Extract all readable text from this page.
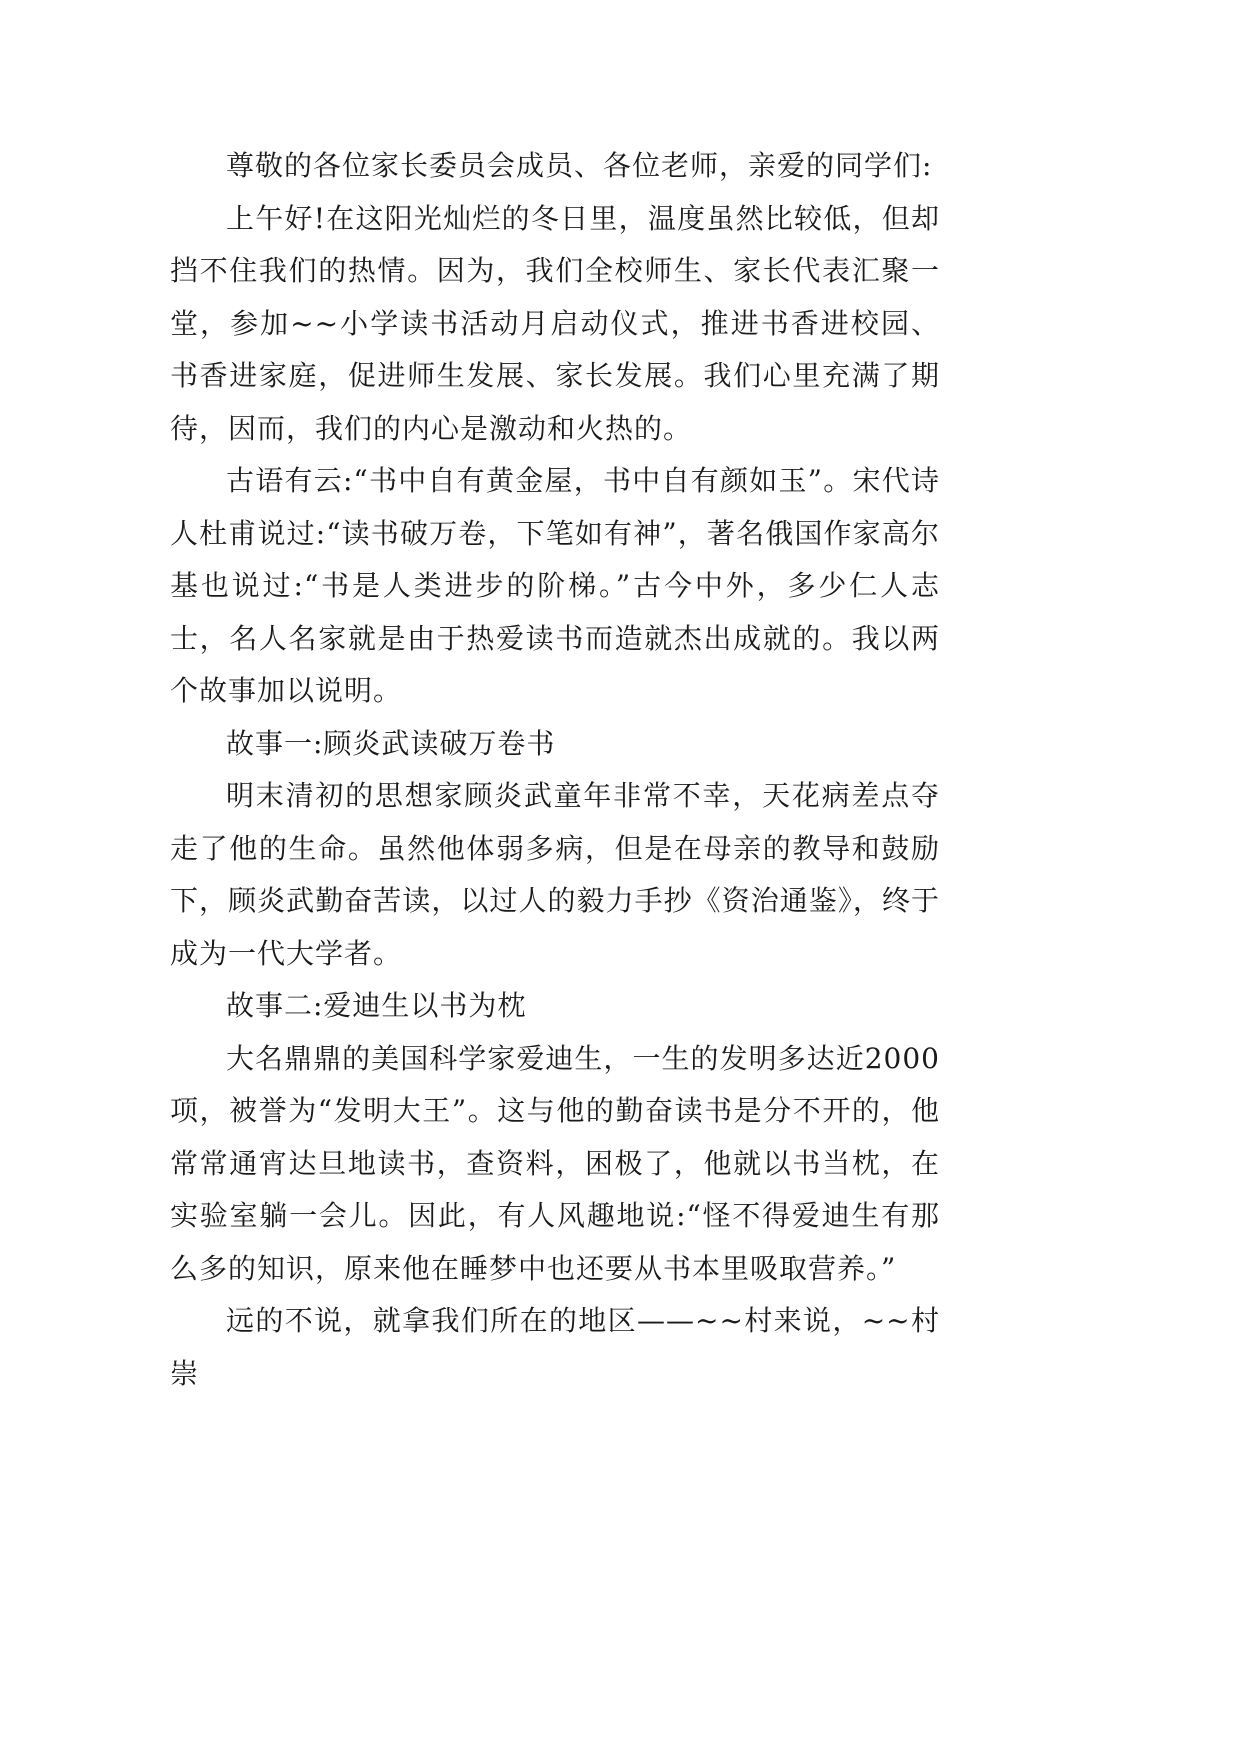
尊敬的各位家长委员会成员、各位老师，亲爱的同学们:

上午好!在这阳光灿烂的冬日里，温度虽然比较低，但却挡不住我们的热情。因为，我们全校师生、家长代表汇聚一堂，参加~~小学读书活动月启动仪式，推进书香进校园、书香进家庭，促进师生发展、家长发展。我们心里充满了期待，因而，我们的内心是激动和火热的。

古语有云:“书中自有黄金屋，书中自有颜如玉”。宋代诗人杜甫说过:“读书破万卷，下笔如有神”，著名俄国作家高尔基也说过:“书是人类进步的阶梯。”古今中外，多少仁人志士，名人名家就是由于热爱读书而造就杰出成就的。我以两个故事加以说明。

故事一:顾炎武读破万卷书

明末清初的思想家顾炎武童年非常不幸，天花病差点夺走了他的生命。虽然他体弱多病，但是在母亲的教导和鼓励下，顾炎武勤奋苦读，以过人的毅力手抄《资治通鉴》，终于成为一代大学者。

故事二:爱迪生以书为枕

大名鼎鼎的美国科学家爱迪生，一生的发明多达近2000项，被誉为“发明大王”。这与他的勤奋读书是分不开的，他常常通宵达旦地读书，查资料，困极了，他就以书当枕，在实验室躺一会儿。因此，有人风趣地说:“怪不得爱迪生有那么多的知识，原来他在睡梦中也还要从书本里吸取营养。”

远的不说，就拿我们所在的地区——~~村来说，~~村崇
